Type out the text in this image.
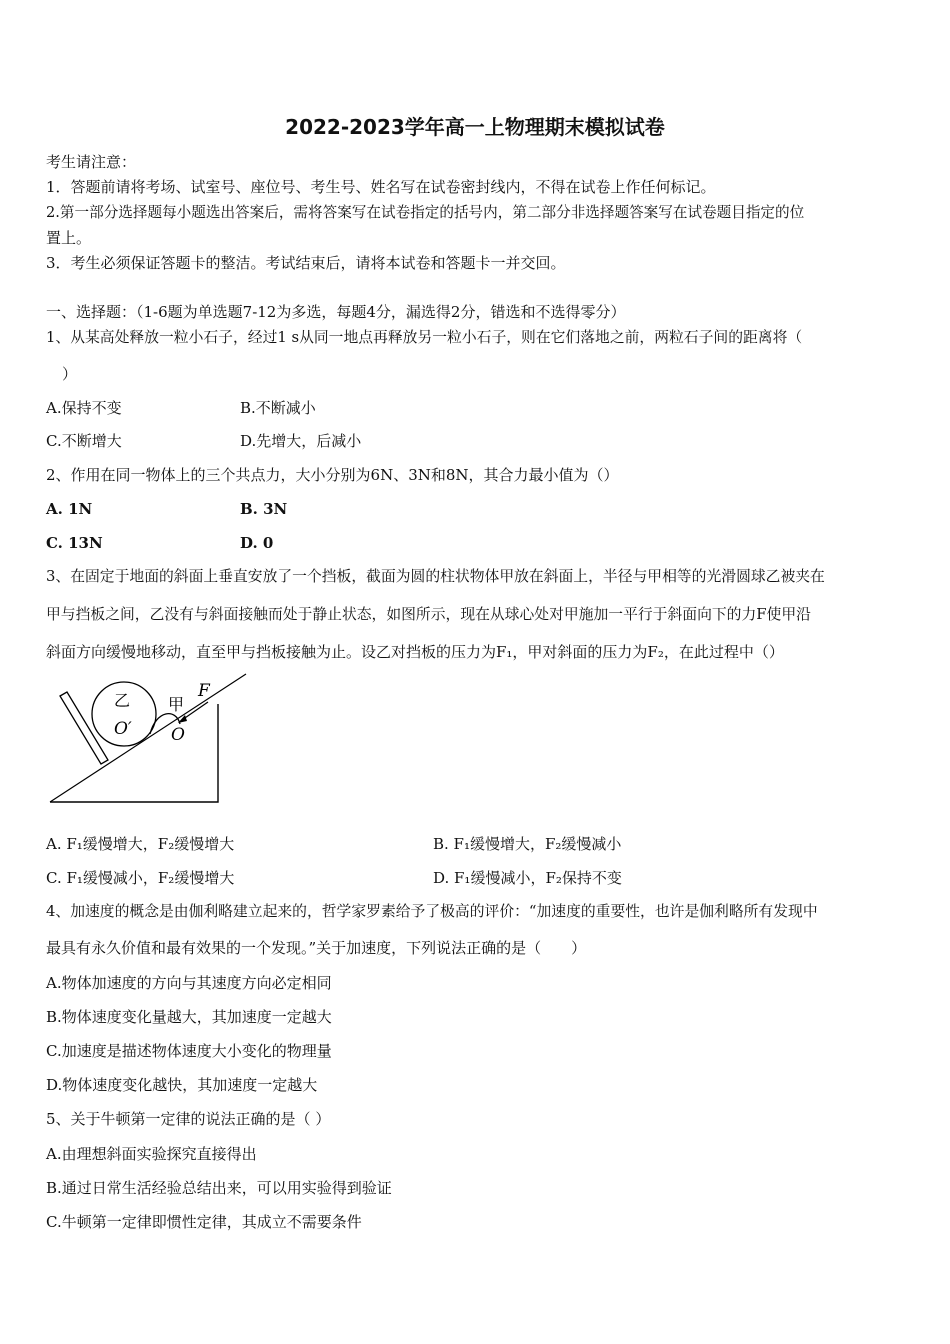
2022-2023学年高一上物理期末模拟试卷
考生请注意：
1．答题前请将考场、试室号、座位号、考生号、姓名写在试卷密封线内，不得在试卷上作任何标记。
2.第一部分选择题每小题选出答案后，需将答案写在试卷指定的括号内，第二部分非选择题答案写在试卷题目指定的位
置上。
3．考生必须保证答题卡的整洁。考试结束后，请将本试卷和答题卡一并交回。
一、选择题：（1-6题为单选题7-12为多选，每题4分，漏选得2分，错选和不选得零分）
1、从某高处释放一粒小石子，经过1 s从同一地点再释放另一粒小石子，则在它们落地之前，两粒石子间的距离将（
）
A.保持不变	B.不断减小
C.不断增大	D.先增大，后减小
2、作用在同一物体上的三个共点力，大小分别为6N、3N和8N，其合力最小值为（）
A. 1N	B. 3N
C. 13N	D. 0
3、在固定于地面的斜面上垂直安放了一个挡板，截面为圆的柱状物体甲放在斜面上，半径与甲相等的光滑圆球乙被夹在
甲与挡板之间，乙没有与斜面接触而处于静止状态，如图所示，现在从球心处对甲施加一平行于斜面向下的力F使甲沿
斜面方向缓慢地移动，直至甲与挡板接触为止。设乙对挡板的压力为F₁，甲对斜面的压力为F₂，在此过程中（）
乙
O′
甲
F
O
A. F₁缓慢增大，F₂缓慢增大	B. F₁缓慢增大，F₂缓慢减小
C. F₁缓慢减小，F₂缓慢增大	D. F₁缓慢减小，F₂保持不变
4、加速度的概念是由伽利略建立起来的，哲学家罗素给予了极高的评价：“加速度的重要性，也许是伽利略所有发现中
最具有永久价值和最有效果的一个发现。”关于加速度，下列说法正确的是（　　）
A.物体加速度的方向与其速度方向必定相同
B.物体速度变化量越大，其加速度一定越大
C.加速度是描述物体速度大小变化的物理量
D.物体速度变化越快，其加速度一定越大
5、关于牛顿第一定律的说法正确的是（ ）
A.由理想斜面实验探究直接得出
B.通过日常生活经验总结出来，可以用实验得到验证
C.牛顿第一定律即惯性定律，其成立不需要条件
